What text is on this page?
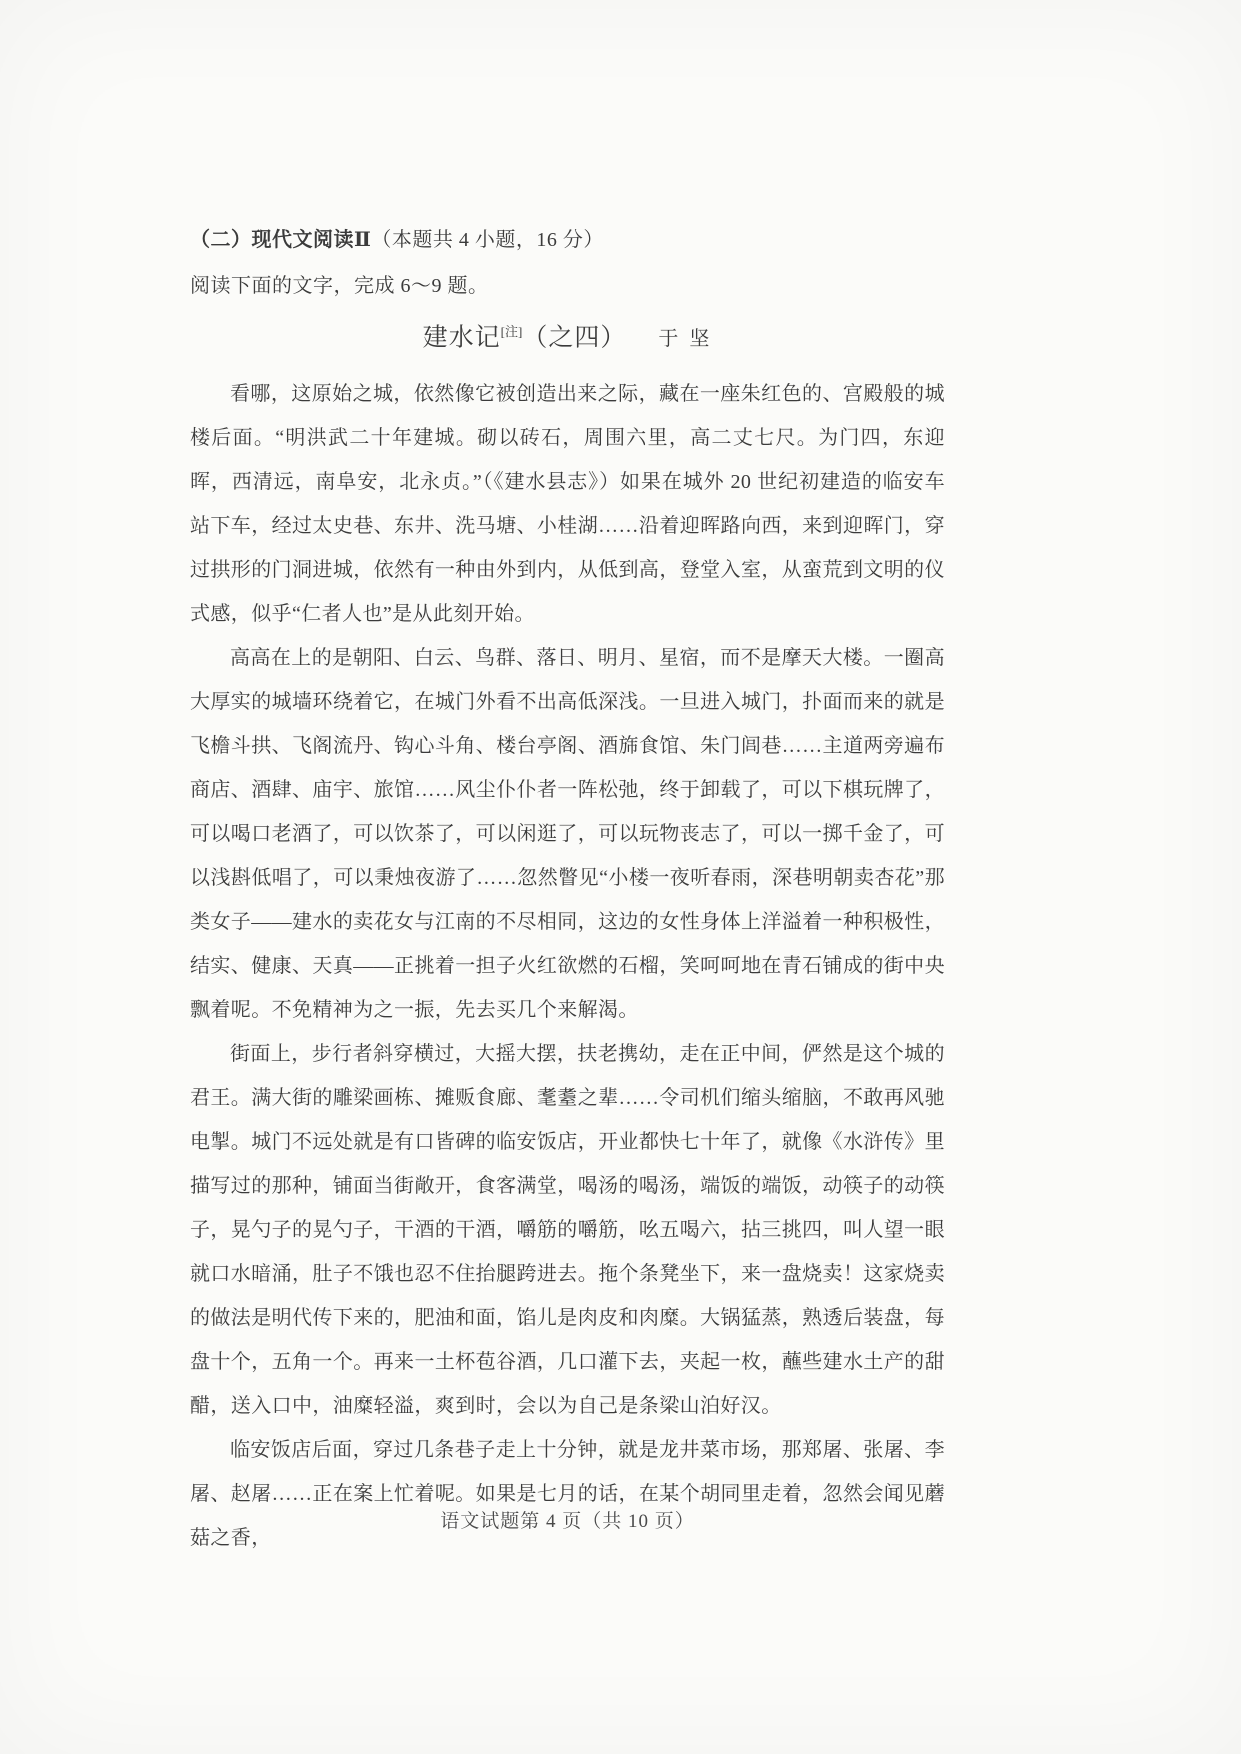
（二）现代文阅读Ⅱ（本题共 4 小题，16 分）
阅读下面的文字，完成 6～9 题。
建水记[注]（之四） 于 坚

看哪，这原始之城，依然像它被创造出来之际，藏在一座朱红色的、宫殿般的城楼后面。“明洪武二十年建城。砌以砖石，周围六里，高二丈七尺。为门四，东迎晖，西清远，南阜安，北永贞。”（《建水县志》）如果在城外 20 世纪初建造的临安车站下车，经过太史巷、东井、洗马塘、小桂湖……沿着迎晖路向西，来到迎晖门，穿过拱形的门洞进城，依然有一种由外到内，从低到高，登堂入室，从蛮荒到文明的仪式感，似乎“仁者人也”是从此刻开始。

高高在上的是朝阳、白云、鸟群、落日、明月、星宿，而不是摩天大楼。一圈高大厚实的城墙环绕着它，在城门外看不出高低深浅。一旦进入城门，扑面而来的就是飞檐斗拱、飞阁流丹、钩心斗角、楼台亭阁、酒旆食馆、朱门闾巷……主道两旁遍布商店、酒肆、庙宇、旅馆……风尘仆仆者一阵松弛，终于卸载了，可以下棋玩牌了，可以喝口老酒了，可以饮茶了，可以闲逛了，可以玩物丧志了，可以一掷千金了，可以浅斟低唱了，可以秉烛夜游了……忽然瞥见“小楼一夜听春雨，深巷明朝卖杏花”那类女子——建水的卖花女与江南的不尽相同，这边的女性身体上洋溢着一种积极性，结实、健康、天真——正挑着一担子火红欲燃的石榴，笑呵呵地在青石铺成的街中央飘着呢。不免精神为之一振，先去买几个来解渴。

街面上，步行者斜穿横过，大摇大摆，扶老携幼，走在正中间，俨然是这个城的君王。满大街的雕梁画栋、摊贩食廊、耄耋之辈……令司机们缩头缩脑，不敢再风驰电掣。城门不远处就是有口皆碑的临安饭店，开业都快七十年了，就像《水浒传》里描写过的那种，铺面当街敞开，食客满堂，喝汤的喝汤，端饭的端饭，动筷子的动筷子，晃勺子的晃勺子，干酒的干酒，嚼筋的嚼筋，吆五喝六，拈三挑四，叫人望一眼就口水暗涌，肚子不饿也忍不住抬腿跨进去。拖个条凳坐下，来一盘烧卖！这家烧卖的做法是明代传下来的，肥油和面，馅儿是肉皮和肉糜。大锅猛蒸，熟透后装盘，每盘十个，五角一个。再来一土杯苞谷酒，几口灌下去，夹起一枚，蘸些建水土产的甜醋，送入口中，油糜轻溢，爽到时，会以为自己是条梁山泊好汉。

临安饭店后面，穿过几条巷子走上十分钟，就是龙井菜市场，那郑屠、张屠、李屠、赵屠……正在案上忙着呢。如果是七月的话，在某个胡同里走着，忽然会闻见蘑菇之香，

语文试题第 4 页（共 10 页）
